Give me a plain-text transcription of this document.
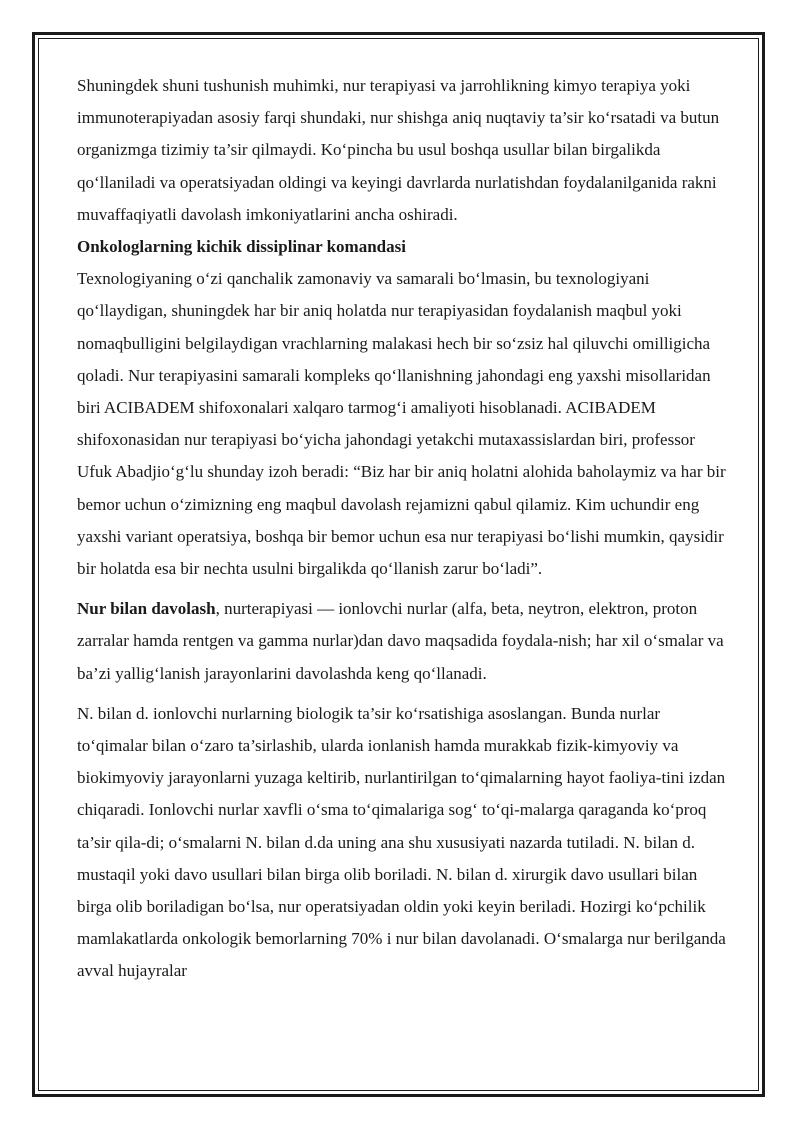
Shuningdek shuni tushunish muhimki, nur terapiyasi va jarrohlikning kimyo terapiya yoki immunoterapiyadan asosiy farqi shundaki, nur shishga aniq nuqtaviy ta’sir ko‘rsatadi va butun organizmga tizimiy ta’sir qilmaydi. Ko‘pincha bu usul boshqa usullar bilan birgalikda qo‘llaniladi va operatsiyadan oldingi va keyingi davrlarda nurlatishdan foydalanilganida rakni muvaffaqiyatli davolash imkoniyatlarini ancha oshiradi.

Onkologlarning kichik dissiplinar komandasi

Texnologiyaning o‘zi qanchalik zamonaviy va samarali bo‘lmasin, bu texnologiyani qo‘llaydigan, shuningdek har bir aniq holatda nur terapiyasidan foydalanish maqbul yoki nomaqbulligini belgilaydigan vrachlarning malakasi hech bir so‘zsiz hal qiluvchi omilligicha qoladi. Nur terapiyasini samarali kompleks qo‘llanishning jahondagi eng yaxshi misollaridan biri ACIBADEM shifoxonalari xalqaro tarmog‘i amaliyoti hisoblanadi. ACIBADEM shifoxonasidan nur terapiyasi bo‘yicha jahondagi yetakchi mutaxassislardan biri, professor Ufuk Abadjio‘g‘lu shunday izoh beradi: “Biz har bir aniq holatni alohida baholaymiz va har bir bemor uchun o‘zimizning eng maqbul davolash rejamizni qabul qilamiz. Kim uchundir eng yaxshi variant operatsiya, boshqa bir bemor uchun esa nur terapiyasi bo‘lishi mumkin, qaysidir bir holatda esa bir nechta usulni birgalikda qo‘llanish zarur bo‘ladi”.

Nur bilan davolash, nurterapiyasi — ionlovchi nurlar (alfa, beta, neytron, elektron, proton zarralar hamda rentgen va gamma nurlar)dan davo maqsadida foydala-nish; har xil o‘smalar va ba’zi yallig‘lanish jarayonlarini davolashda keng qo‘llanadi.

N. bilan d. ionlovchi nurlarning biologik ta’sir ko‘rsatishiga asoslangan. Bunda nurlar to‘qimalar bilan o‘zaro ta’sirlashib, ularda ionlanish hamda murakkab fizik-kimyoviy va biokimyoviy jarayonlarni yuzaga keltirib, nurlantirilgan to‘qimalarning hayot faoliya-tini izdan chiqaradi. Ionlovchi nurlar xavfli o‘sma to‘qimalariga sog‘ to‘qi-malarga qaraganda ko‘proq ta’sir qila-di; o‘smalarni N. bilan d.da uning ana shu xususiyati nazarda tutiladi. N. bilan d. mustaqil yoki davo usullari bilan birga olib boriladi. N. bilan d. xirurgik davo usullari bilan birga olib boriladigan bo‘lsa, nur operatsiyadan oldin yoki keyin beriladi. Hozirgi ko‘pchilik mamlakatlarda onkologik bemorlarning 70% i nur bilan davolanadi. O‘smalarga nur berilganda avval hujayralar
